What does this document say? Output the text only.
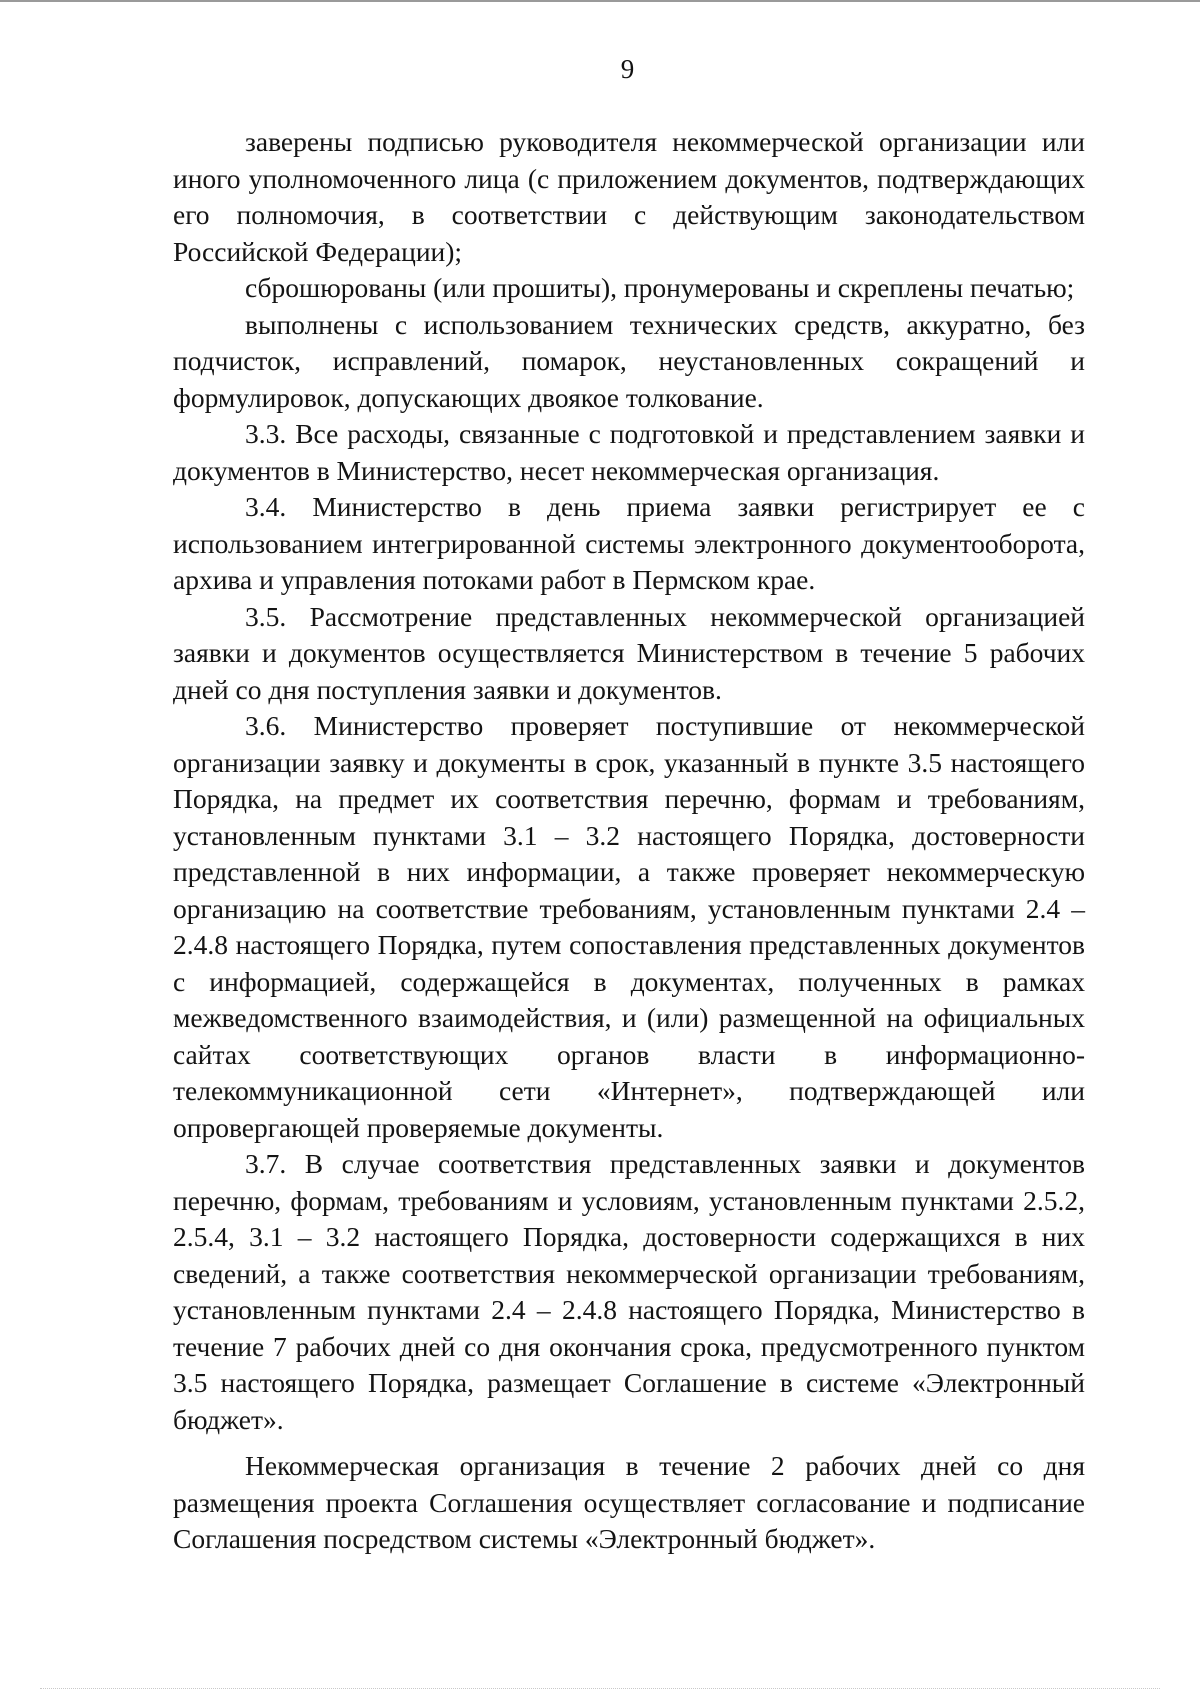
9

заверены подписью руководителя некоммерческой организации или иного уполномоченного лица (с приложением документов, подтверждающих его полномочия, в соответствии с действующим законодательством Российской Федерации);

сброшюрованы (или прошиты), пронумерованы и скреплены печатью;

выполнены с использованием технических средств, аккуратно, без подчисток, исправлений, помарок, неустановленных сокращений и формулировок, допускающих двоякое толкование.

3.3. Все расходы, связанные с подготовкой и представлением заявки и документов в Министерство, несет некоммерческая организация.

3.4. Министерство в день приема заявки регистрирует ее с использованием интегрированной системы электронного документооборота, архива и управления потоками работ в Пермском крае.

3.5. Рассмотрение представленных некоммерческой организацией заявки и документов осуществляется Министерством в течение 5 рабочих дней со дня поступления заявки и документов.

3.6. Министерство проверяет поступившие от некоммерческой организации заявку и документы в срок, указанный в пункте 3.5 настоящего Порядка, на предмет их соответствия перечню, формам и требованиям, установленным пунктами 3.1 – 3.2 настоящего Порядка, достоверности представленной в них информации, а также проверяет некоммерческую организацию на соответствие требованиям, установленным пунктами 2.4 – 2.4.8 настоящего Порядка, путем сопоставления представленных документов с информацией, содержащейся в документах, полученных в рамках межведомственного взаимодействия, и (или) размещенной на официальных сайтах соответствующих органов власти в информационно-телекоммуникационной сети «Интернет», подтверждающей или опровергающей проверяемые документы.

3.7. В случае соответствия представленных заявки и документов перечню, формам, требованиям и условиям, установленным пунктами 2.5.2, 2.5.4, 3.1 – 3.2 настоящего Порядка, достоверности содержащихся в них сведений, а также соответствия некоммерческой организации требованиям, установленным пунктами 2.4 – 2.4.8 настоящего Порядка, Министерство в течение 7 рабочих дней со дня окончания срока, предусмотренного пунктом 3.5 настоящего Порядка, размещает Соглашение в системе «Электронный бюджет».

Некоммерческая организация в течение 2 рабочих дней со дня размещения проекта Соглашения осуществляет согласование и подписание Соглашения посредством системы «Электронный бюджет».
